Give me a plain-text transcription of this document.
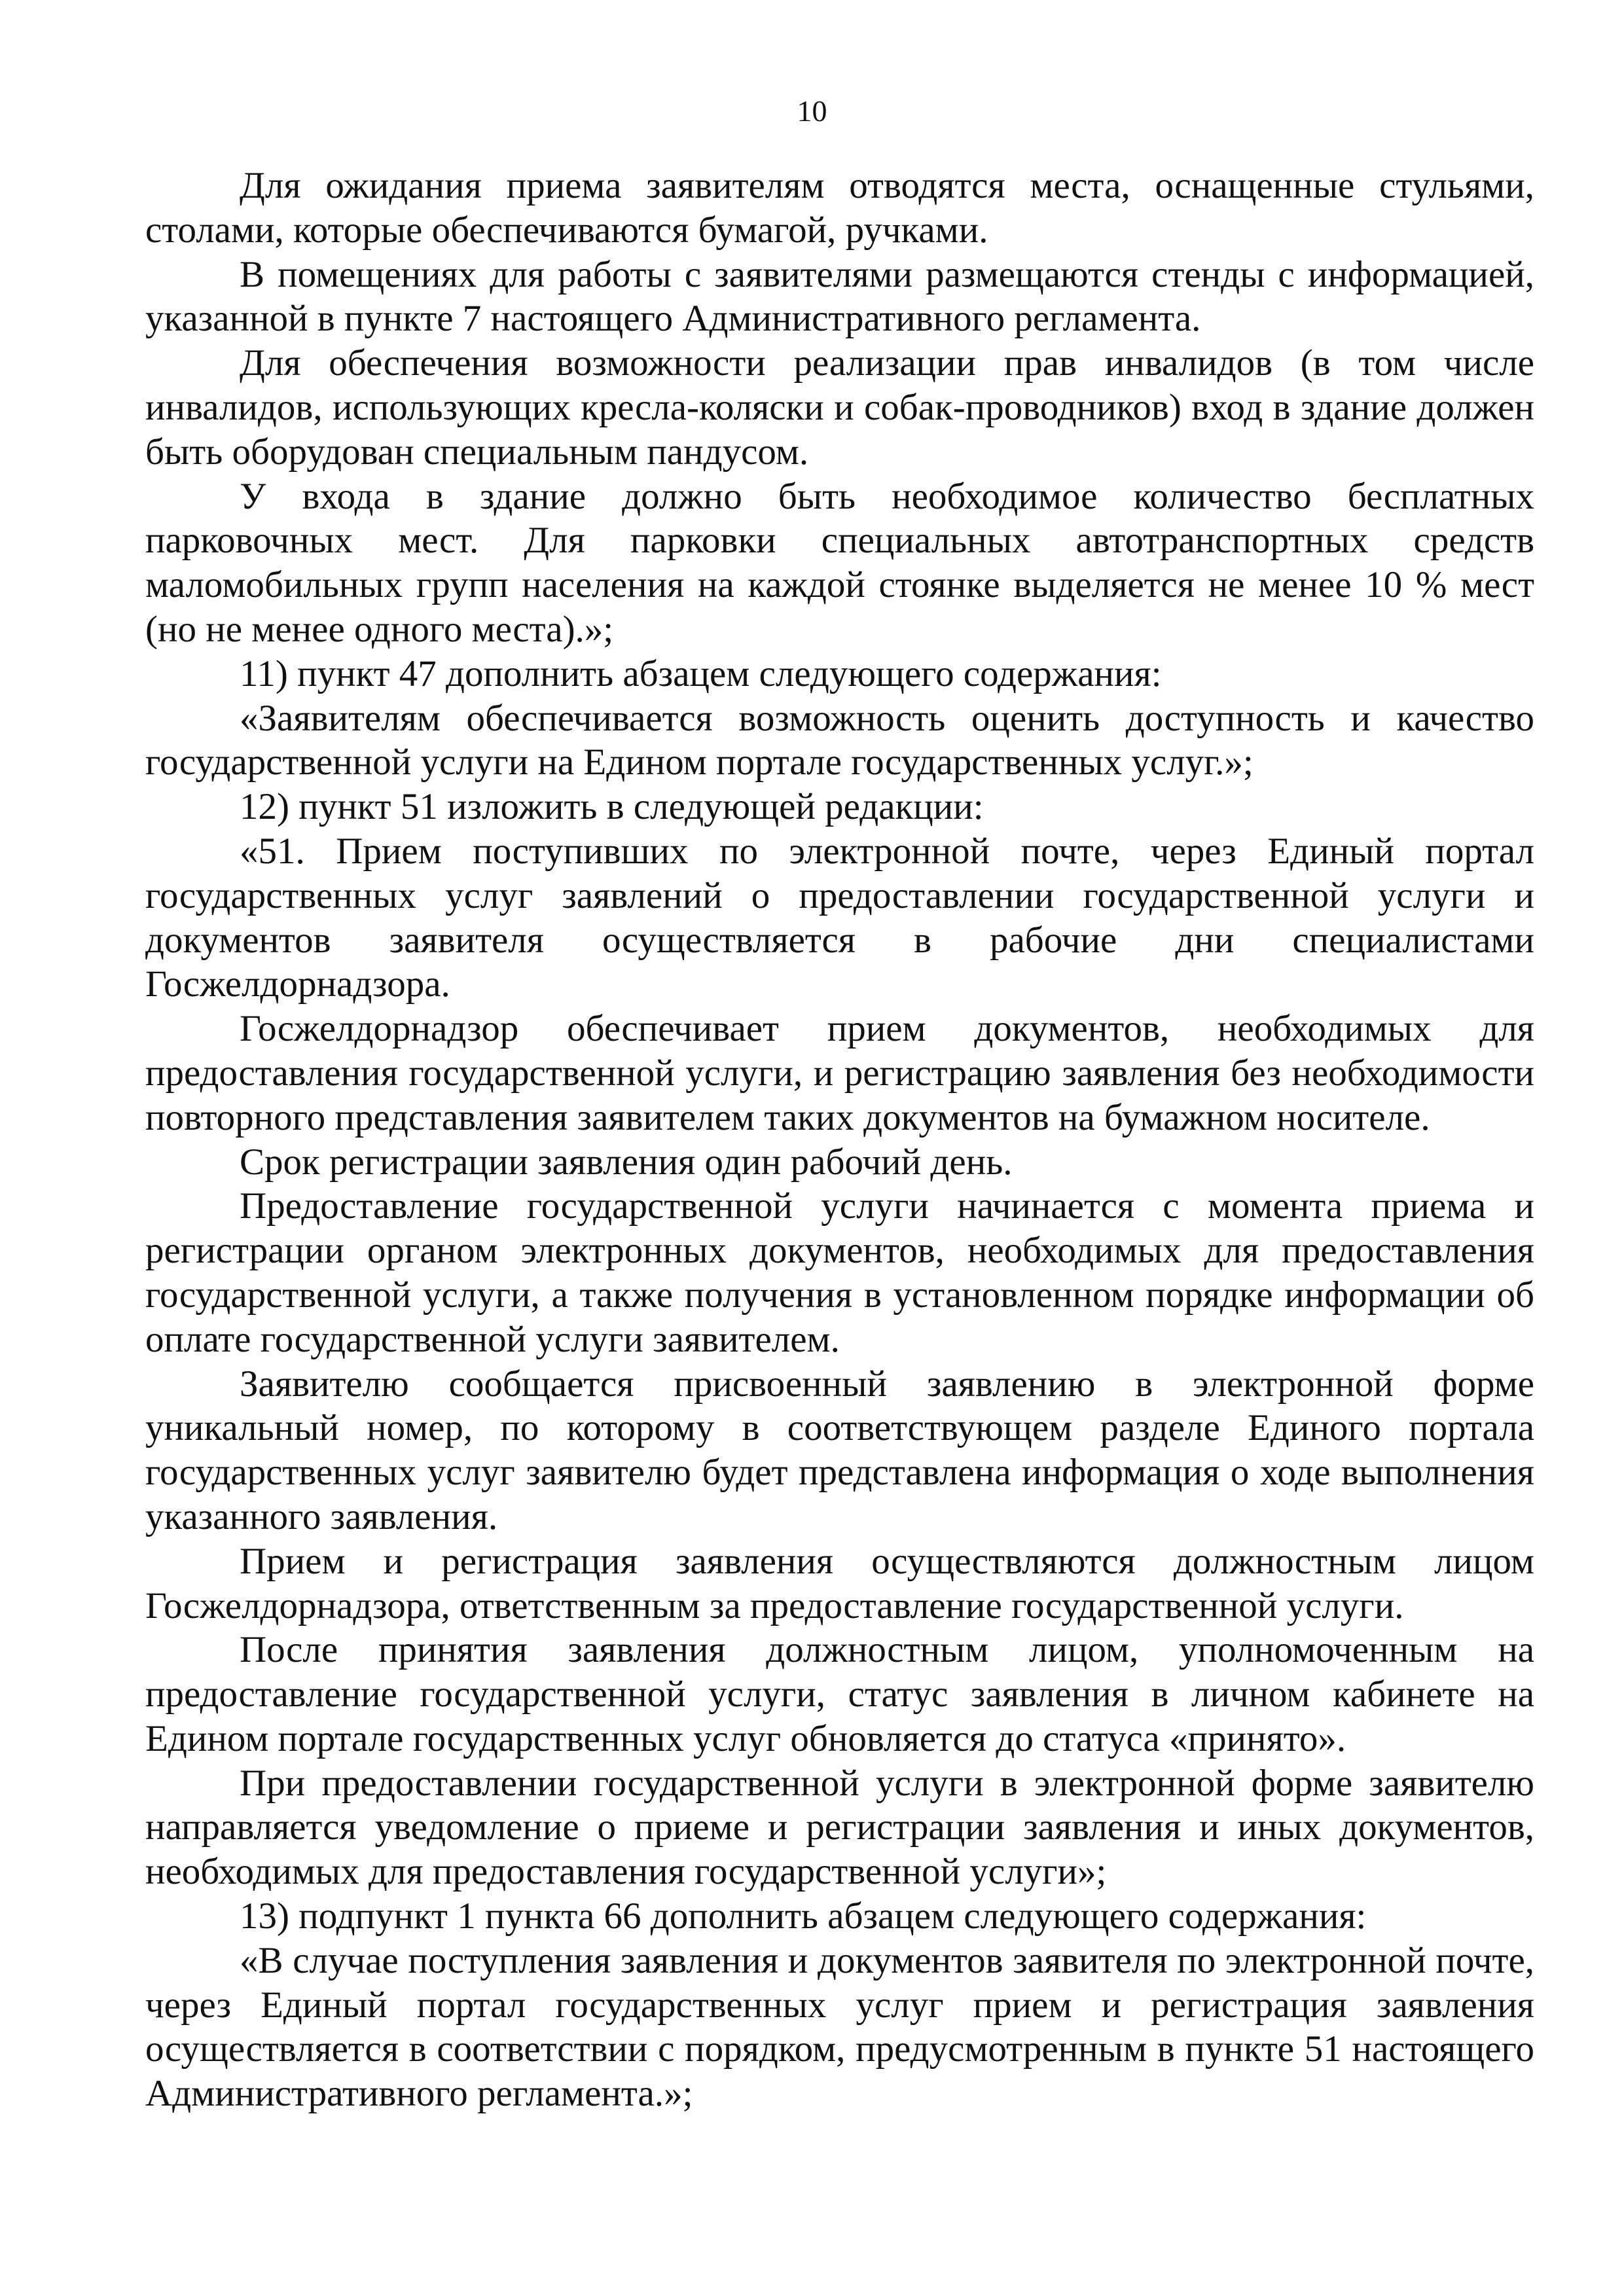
10

Для ожидания приема заявителям отводятся места, оснащенные стульями, столами, которые обеспечиваются бумагой, ручками.

В помещениях для работы с заявителями размещаются стенды с информацией, указанной в пункте 7 настоящего Административного регламента.

Для обеспечения возможности реализации прав инвалидов (в том числе инвалидов, использующих кресла-коляски и собак-проводников) вход в здание должен быть оборудован специальным пандусом.

У входа в здание должно быть необходимое количество бесплатных парковочных мест. Для парковки специальных автотранспортных средств маломобильных групп населения на каждой стоянке выделяется не менее 10 % мест (но не менее одного места).»;

11) пункт 47 дополнить абзацем следующего содержания:

«Заявителям обеспечивается возможность оценить доступность и качество государственной услуги на Едином портале государственных услуг.»;

12) пункт 51 изложить в следующей редакции:

«51. Прием поступивших по электронной почте, через Единый портал государственных услуг заявлений о предоставлении государственной услуги и документов заявителя осуществляется в рабочие дни специалистами Госжелдорнадзора.

Госжелдорнадзор обеспечивает прием документов, необходимых для предоставления государственной услуги, и регистрацию заявления без необходимости повторного представления заявителем таких документов на бумажном носителе.

Срок регистрации заявления один рабочий день.

Предоставление государственной услуги начинается с момента приема и регистрации органом электронных документов, необходимых для предоставления государственной услуги, а также получения в установленном порядке информации об оплате государственной услуги заявителем.

Заявителю сообщается присвоенный заявлению в электронной форме уникальный номер, по которому в соответствующем разделе Единого портала государственных услуг заявителю будет представлена информация о ходе выполнения указанного заявления.

Прием и регистрация заявления осуществляются должностным лицом Госжелдорнадзора, ответственным за предоставление государственной услуги.

После принятия заявления должностным лицом, уполномоченным на предоставление государственной услуги, статус заявления в личном кабинете на Едином портале государственных услуг обновляется до статуса «принято».

При предоставлении государственной услуги в электронной форме заявителю направляется уведомление о приеме и регистрации заявления и иных документов, необходимых для предоставления государственной услуги»;

13) подпункт 1 пункта 66 дополнить абзацем следующего содержания:

«В случае поступления заявления и документов заявителя по электронной почте, через Единый портал государственных услуг прием и регистрация заявления осуществляется в соответствии с порядком, предусмотренным в пункте 51 настоящего Административного регламента.»;
